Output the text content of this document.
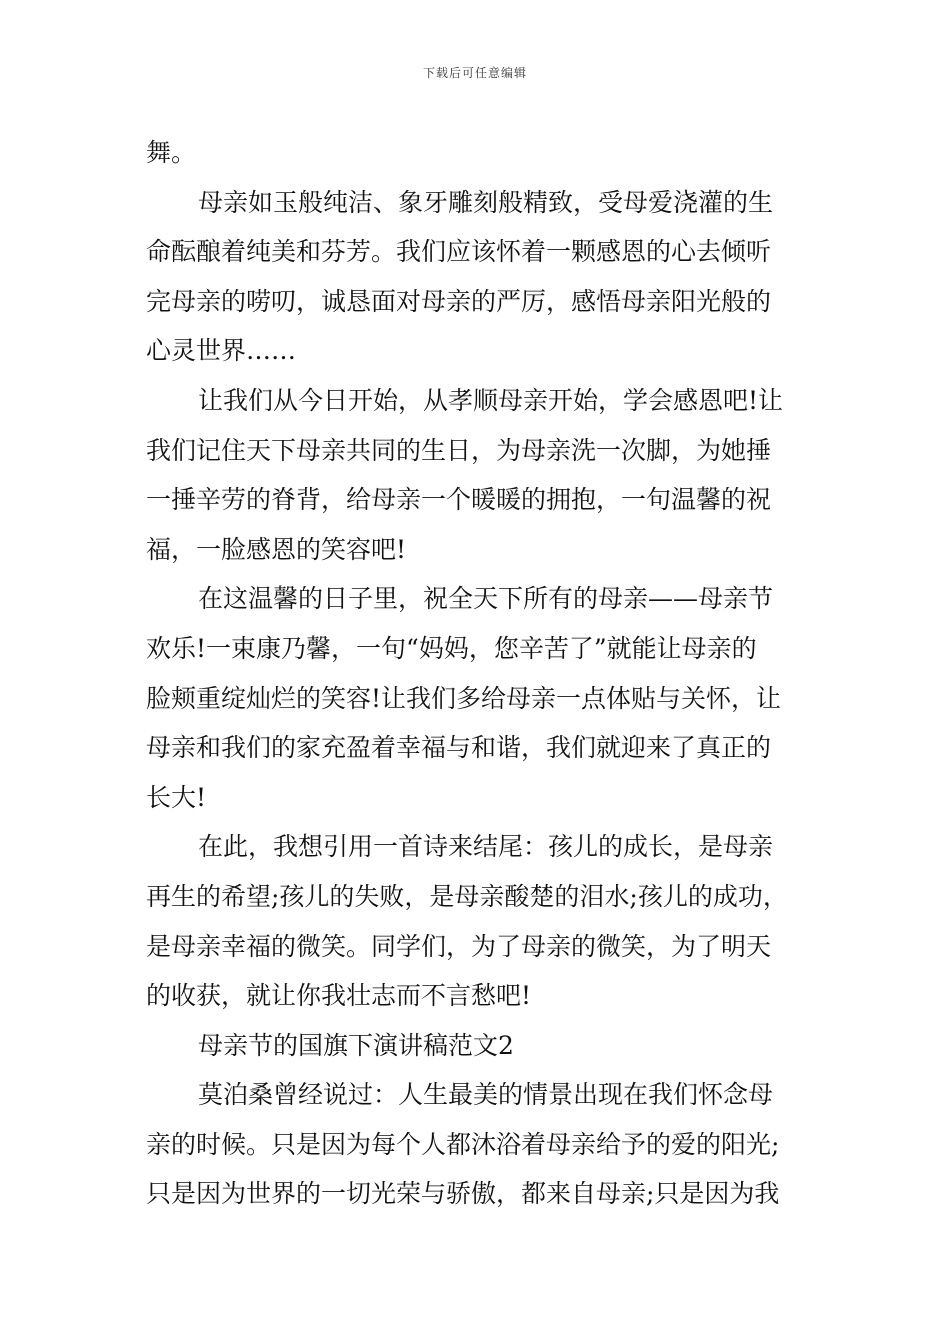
下载后可任意编辑
舞。
母亲如玉般纯洁、象牙雕刻般精致，受母爱浇灌的生
命酝酿着纯美和芬芳。我们应该怀着一颗感恩的心去倾听
完母亲的唠叨，诚恳面对母亲的严厉，感悟母亲阳光般的
心灵世界……
让我们从今日开始，从孝顺母亲开始，学会感恩吧!让
我们记住天下母亲共同的生日，为母亲洗一次脚，为她捶
一捶辛劳的脊背，给母亲一个暖暖的拥抱，一句温馨的祝
福，一脸感恩的笑容吧!
在这温馨的日子里，祝全天下所有的母亲——母亲节
欢乐!一束康乃馨，一句“妈妈，您辛苦了”就能让母亲的
脸颊重绽灿烂的笑容!让我们多给母亲一点体贴与关怀，让
母亲和我们的家充盈着幸福与和谐，我们就迎来了真正的
长大!
在此，我想引用一首诗来结尾：孩儿的成长，是母亲
再生的希望;孩儿的失败，是母亲酸楚的泪水;孩儿的成功，
是母亲幸福的微笑。同学们，为了母亲的微笑，为了明天
的收获，就让你我壮志而不言愁吧!
母亲节的国旗下演讲稿范文2
莫泊桑曾经说过：人生最美的情景出现在我们怀念母
亲的时候。只是因为每个人都沐浴着母亲给予的爱的阳光;
只是因为世界的一切光荣与骄傲，都来自母亲;只是因为我
